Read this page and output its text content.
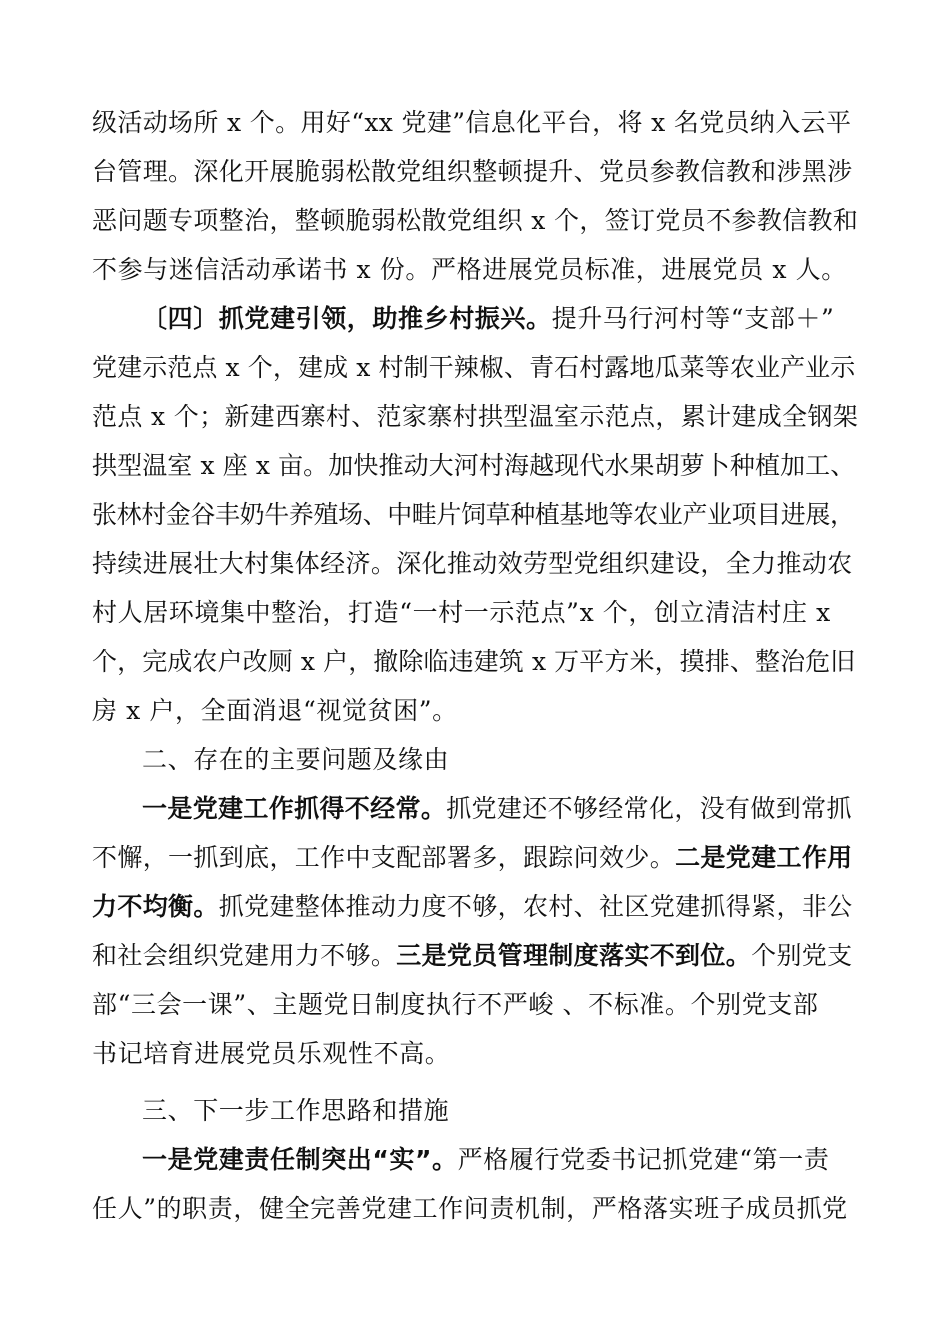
级活动场所 x 个。用好“xx 党建”信息化平台，将 x 名党员纳入云平
台管理。深化开展脆弱松散党组织整顿提升、党员参教信教和涉黑涉
恶问题专项整治，整顿脆弱松散党组织 x 个，签订党员不参教信教和
不参与迷信活动承诺书 x 份。严格进展党员标准，进展党员 x 人。
〔四〕抓党建引领，助推乡村振兴。提升马行河村等“支部＋”
党建示范点 x 个，建成 x 村制干辣椒、青石村露地瓜菜等农业产业示
范点 x 个；新建西寨村、范家寨村拱型温室示范点，累计建成全钢架
拱型温室 x 座 x 亩。加快推动大河村海越现代水果胡萝卜种植加工、
张林村金谷丰奶牛养殖场、中畦片饲草种植基地等农业产业项目进展，
持续进展壮大村集体经济。深化推动效劳型党组织建设，全力推动农
村人居环境集中整治，打造“一村一示范点”x 个，创立清洁村庄 x
个，完成农户改厕 x 户，撤除临违建筑 x 万平方米，摸排、整治危旧
房 x 户，全面消退“视觉贫困”。
二、存在的主要问题及缘由
一是党建工作抓得不经常。抓党建还不够经常化，没有做到常抓
不懈，一抓到底，工作中支配部署多，跟踪问效少。二是党建工作用
力不均衡。抓党建整体推动力度不够，农村、社区党建抓得紧，非公
和社会组织党建用力不够。三是党员管理制度落实不到位。个别党支
部“三会一课”、主题党日制度执行不严峻 、不标准。个别党支部
书记培育进展党员乐观性不高。
三、下一步工作思路和措施
一是党建责任制突出“实”。严格履行党委书记抓党建“第一责
任人”的职责，健全完善党建工作问责机制，严格落实班子成员抓党
